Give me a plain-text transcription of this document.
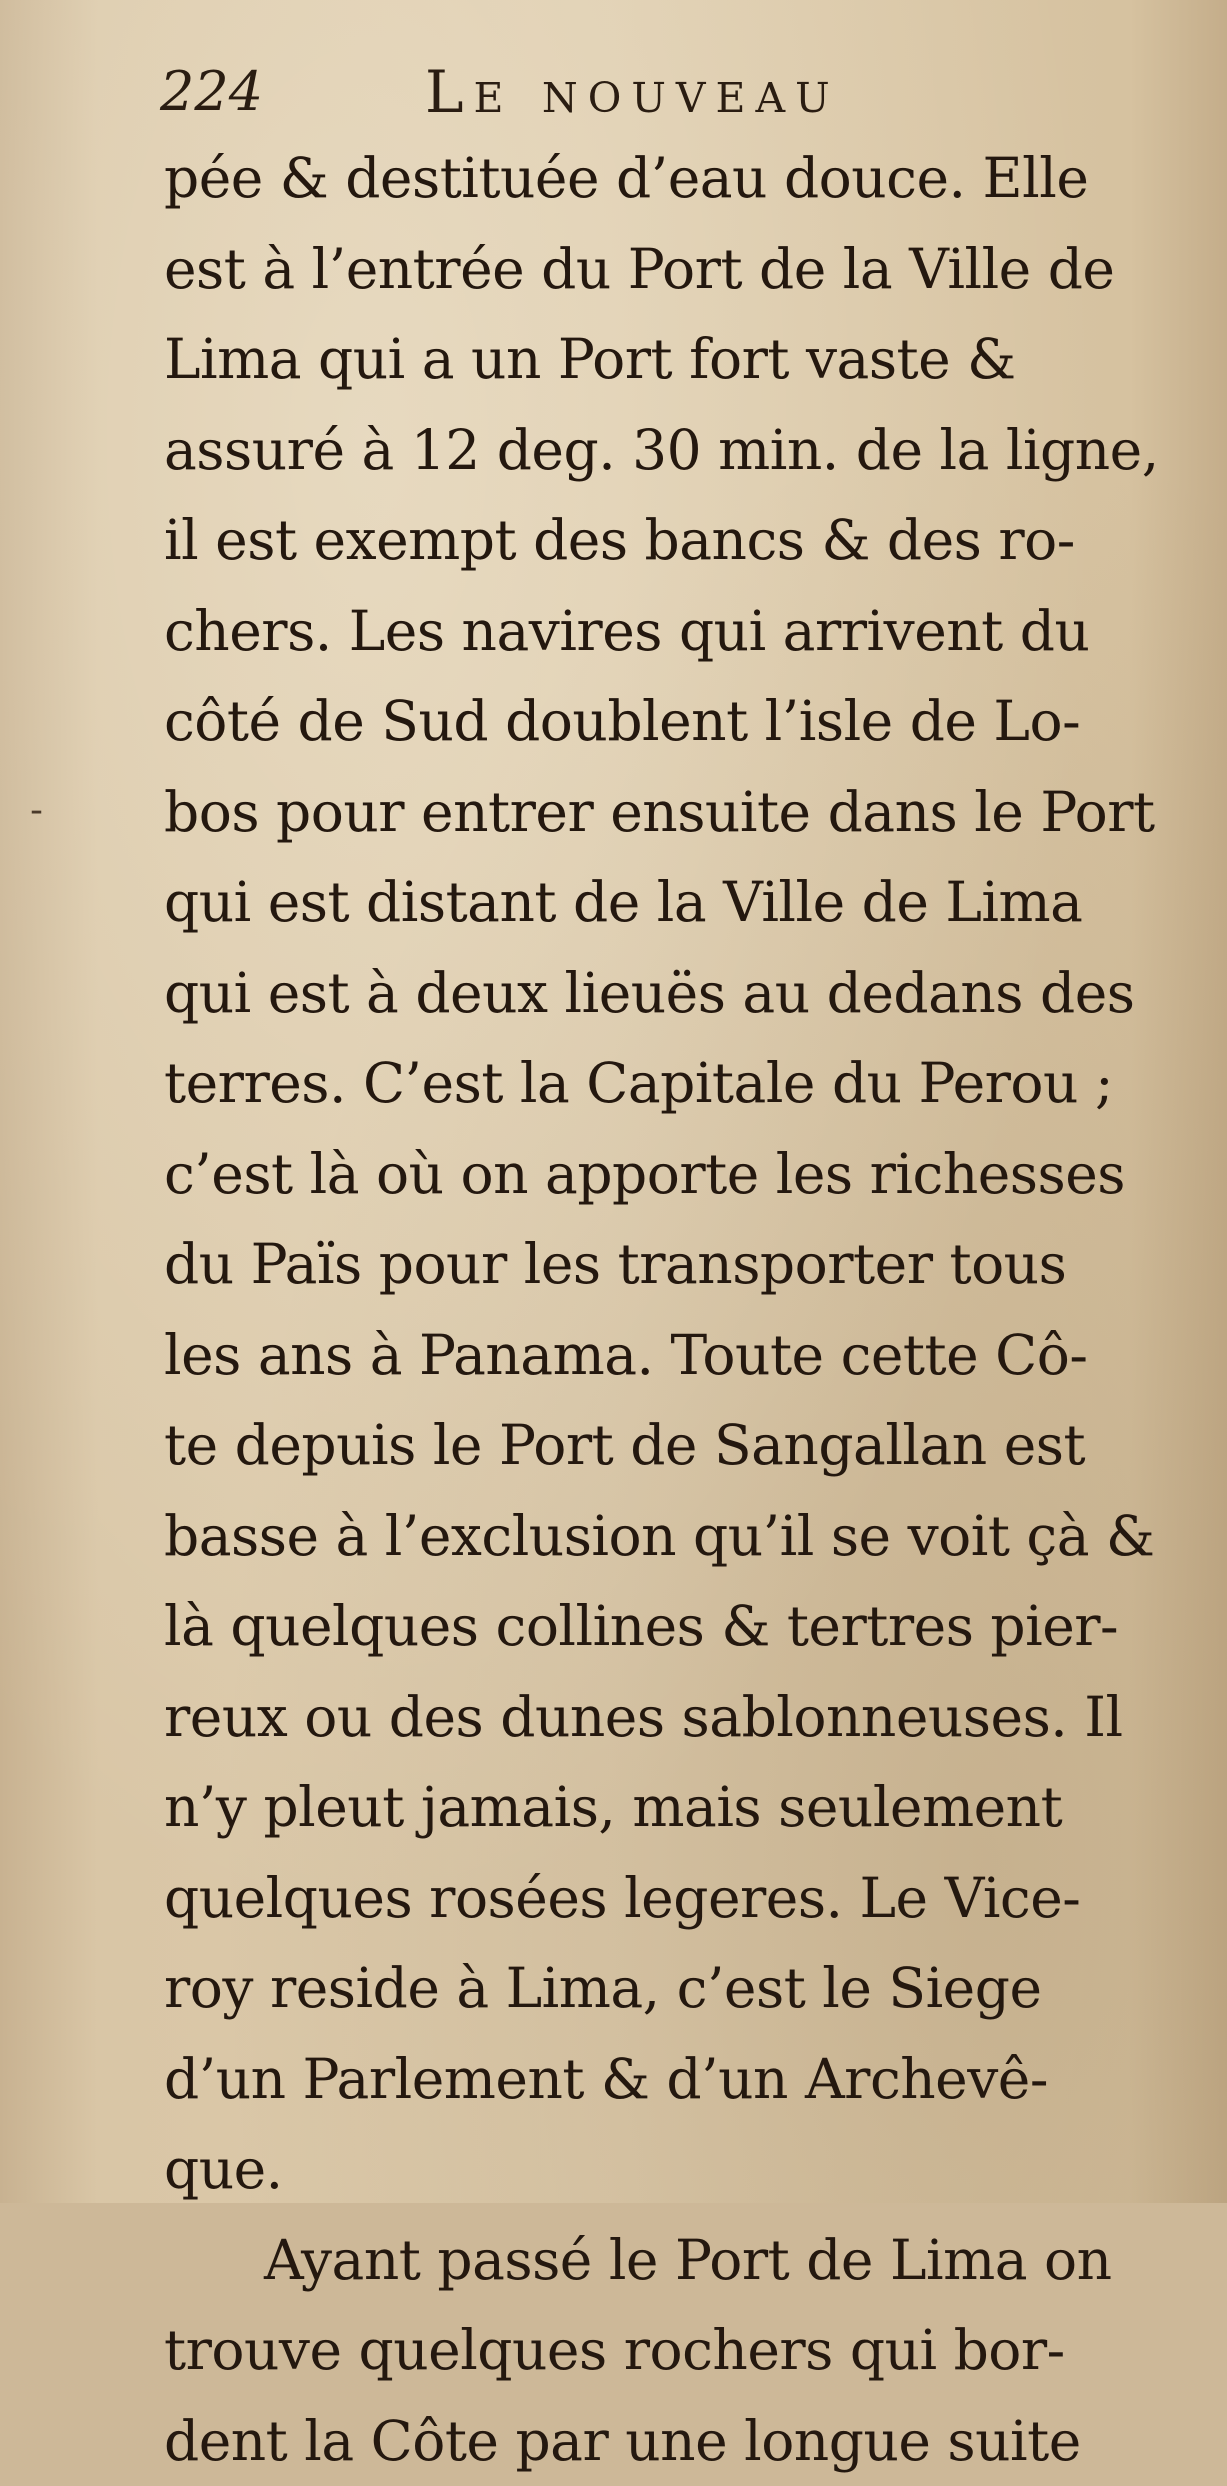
224	Le nouveau
-
pée & destituée d’eau douce. Elle
est à l’entrée du Port de la Ville de
Lima qui a un Port fort vaste &
assuré à 12 deg. 30 min. de la ligne,
il est exempt des bancs & des ro-
chers. Les navires qui arrivent du
côté de Sud doublent l’isle de Lo-
bos pour entrer ensuite dans le Port
qui est distant de la Ville de Lima
qui est à deux lieuës au dedans des
terres. C’est la Capitale du Perou ;
c’est là où on apporte les richesses
du Païs pour les transporter tous
les ans à Panama. Toute cette Cô-
te depuis le Port de Sangallan est
basse à l’exclusion qu’il se voit çà &
là quelques collines & tertres pier-
reux ou des dunes sablonneuses. Il
n’y pleut jamais, mais seulement
quelques rosées legeres. Le Vice-
roy reside à Lima, c’est le Siege
d’un Parlement & d’un Archevê-
que.
Ayant passé le Port de Lima on
trouve quelques rochers qui bor-
dent la Côte par une longue suite
